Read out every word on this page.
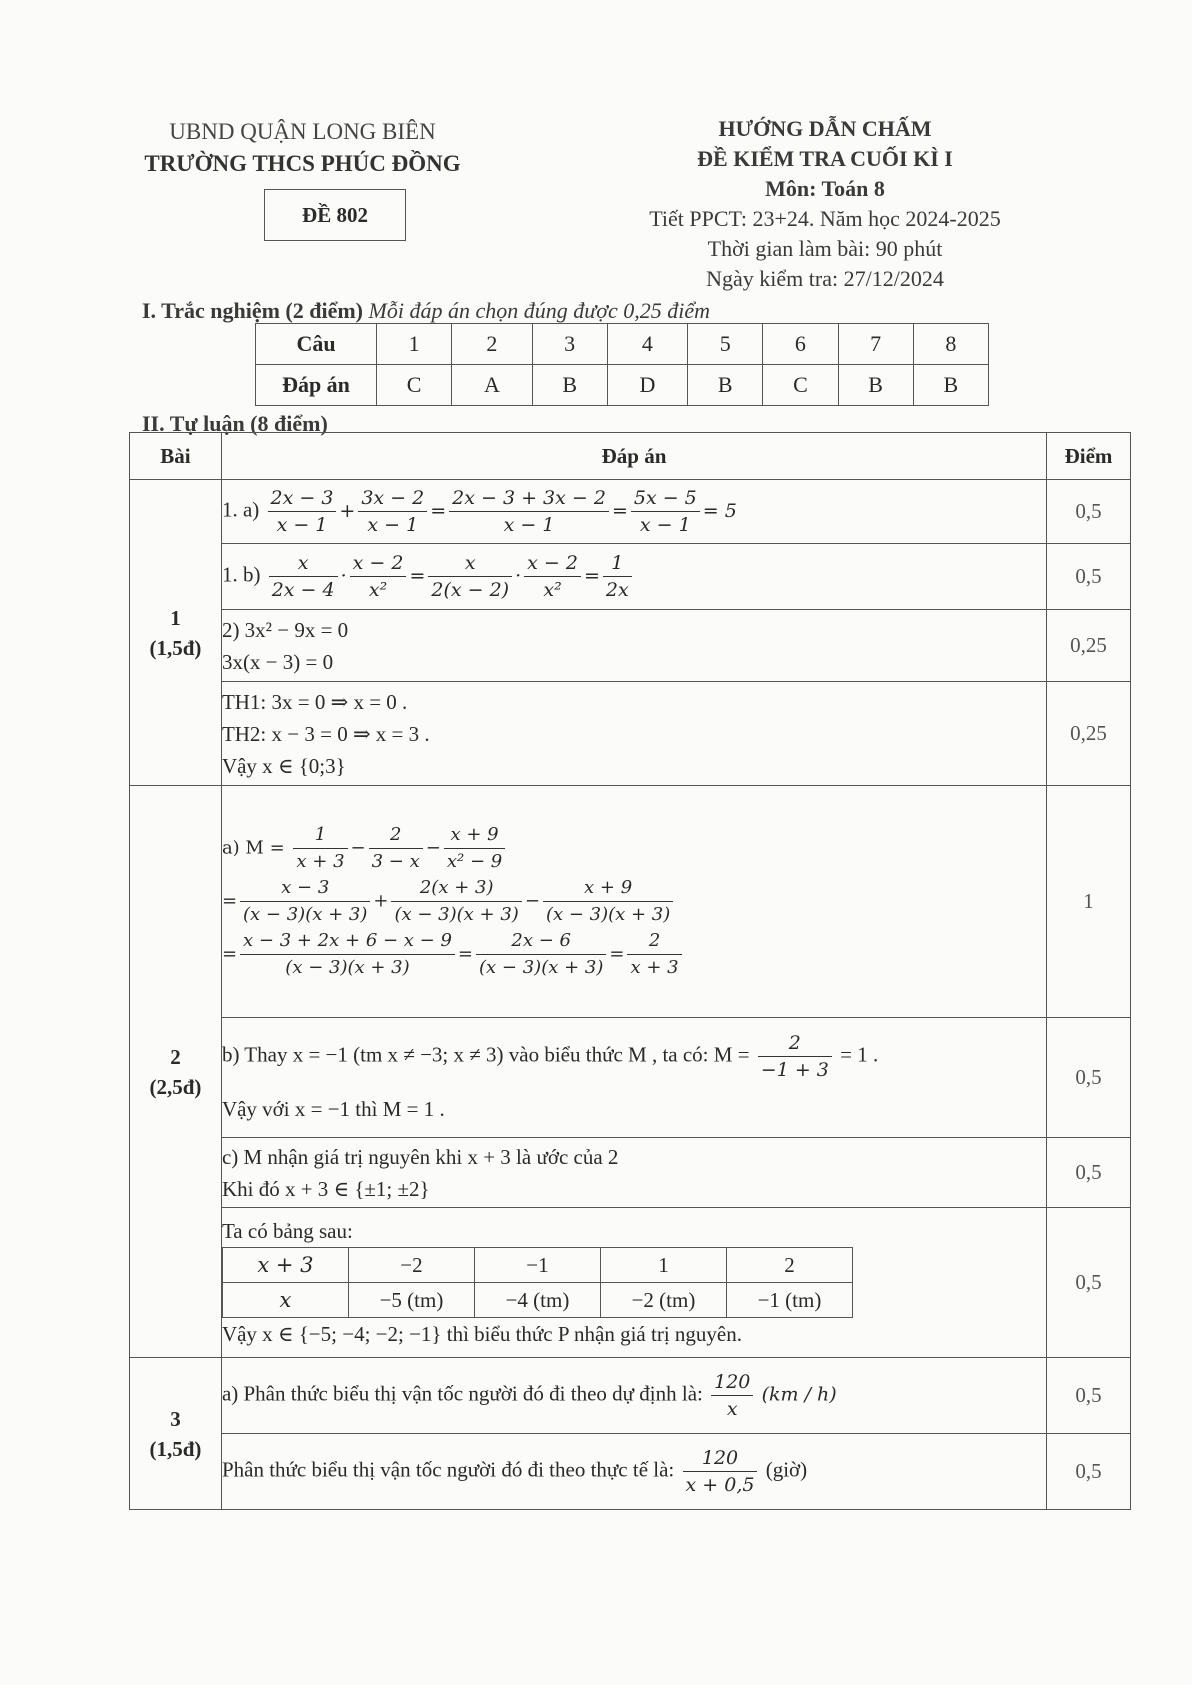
UBND QUẬN LONG BIÊN
TRƯỜNG THCS PHÚC ĐỒNG
ĐỀ 802
HƯỚNG DẪN CHẤM
ĐỀ KIỂM TRA CUỐI KÌ I
Môn: Toán 8
Tiết PPCT: 23+24. Năm học 2024-2025
Thời gian làm bài: 90 phút
Ngày kiểm tra: 27/12/2024
I. Trắc nghiệm (2 điểm) Mỗi đáp án chọn đúng được 0,25 điểm
Câu	1	2	3	4	5	6	7	8
Đáp án	C	A	B	D	B	C	B	B
II. Tự luận (8 điểm)
Bài	Đáp án	Điểm

1
(1,5đ)
	1. $a) \frac{2x - 3}{x - 1} + \frac{3x - 2}{x - 1} = \frac{2x - 3 + 3x - 2}{x - 1} = \frac{5x - 5}{x - 1} = 5$	0,5
1. $b) \frac{x}{2x - 4} \cdot \frac{x - 2}{\text{x²}} = \frac{x}{2(x - 2)} \cdot \frac{x - 2}{\text{x²}} = \frac{1}{2x}$	0,5

2) 3x² − 9x = 0
3x(x − 3) = 0
	0,25

TH1: 3x = 0 ⇒ x = 0 .
TH2: x − 3 = 0 ⇒ x = 3 .
Vậy x ∈ {0;3}
	0,25

2
(2,5đ)

a) $M = \frac{1}{x + 3} - \frac{2}{3 - x} - \frac{x + 9}{\text{x² − 9}}$
= $\frac{x - 3}{(x - 3)(x + 3)} + \frac{2(x + 3)}{(x - 3)(x + 3)} - \frac{x + 9}{(x - 3)(x + 3)}$
= $\frac{x - 3 + 2x + 6 - x - 9}{(x - 3)(x + 3)} = \frac{2x - 6}{(x - 3)(x + 3)} = \frac{2}{x + 3}$
	1

b) Thay x = −1 (tm x ≠ −3; x ≠ 3) vào biểu thức M , ta có: $M = \frac{2}{-1 + 3} = 1$ .
Vậy với x = −1 thì M = 1 .
	0,5

c) M nhận giá trị nguyên khi x + 3 là ước của 2
Khi đó x + 3 ∈ {±1; ±2}
	0,5

Ta có bảng sau:
x + 3	−2	−1	1	2
x	−5 (tm)	−4 (tm)	−2 (tm)	−1 (tm)
Vậy x ∈ {−5; −4; −2; −1} thì biểu thức P nhận giá trị nguyên.
	0,5

3
(1,5đ)
	a) Phân thức biểu thị vận tốc người đó đi theo dự định là: $\frac{120}{x} (km / h)$	0,5
Phân thức biểu thị vận tốc người đó đi theo thực tế là: $\frac{120}{x + 0,5}$ (giờ)	0,5
